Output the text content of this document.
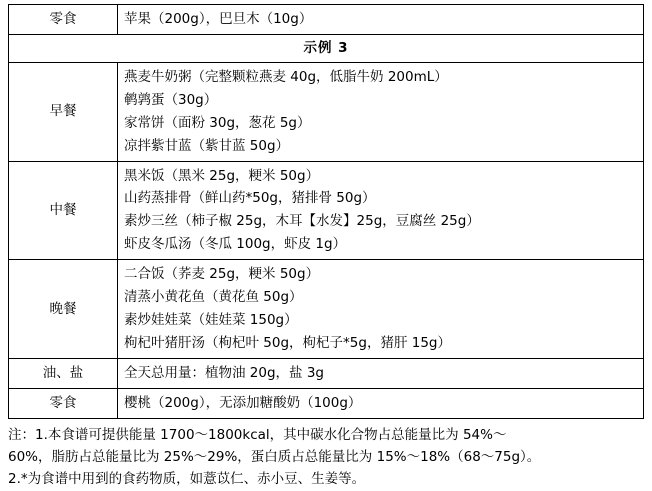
零食	苹果（200g），巴旦木（10g）

示例 3	
早餐	燕麦牛奶粥（完整颗粒燕麦 40g，低脂牛奶 200mL）
鹌鹑蛋（30g）
家常饼（面粉 30g，葱花 5g）
凉拌紫甘蓝（紫甘蓝 50g）

中餐	黑米饭（黑米 25g，粳米 50g）
山药蒸排骨（鲜山药*50g，猪排骨 50g）
素炒三丝（柿子椒 25g，木耳【水发】25g，豆腐丝 25g）
虾皮冬瓜汤（冬瓜 100g，虾皮 1g）

晚餐	二合饭（荞麦 25g，粳米 50g）
清蒸小黄花鱼（黄花鱼 50g）
素炒娃娃菜（娃娃菜 150g）
枸杞叶猪肝汤（枸杞叶 50g，枸杞子*5g，猪肝 15g）

油、盐	全天总用量：植物油 20g，盐 3g

零食	樱桃（200g），无添加糖酸奶（100g）
注：1.本食谱可提供能量 1700～1800kcal，其中碳水化合物占总能量比为 54%～
60%，脂肪占总能量比为 25%～29%，蛋白质占总能量比为 15%～18%（68～75g）。
2.*为食谱中用到的食药物质，如薏苡仁、赤小豆、生姜等。
